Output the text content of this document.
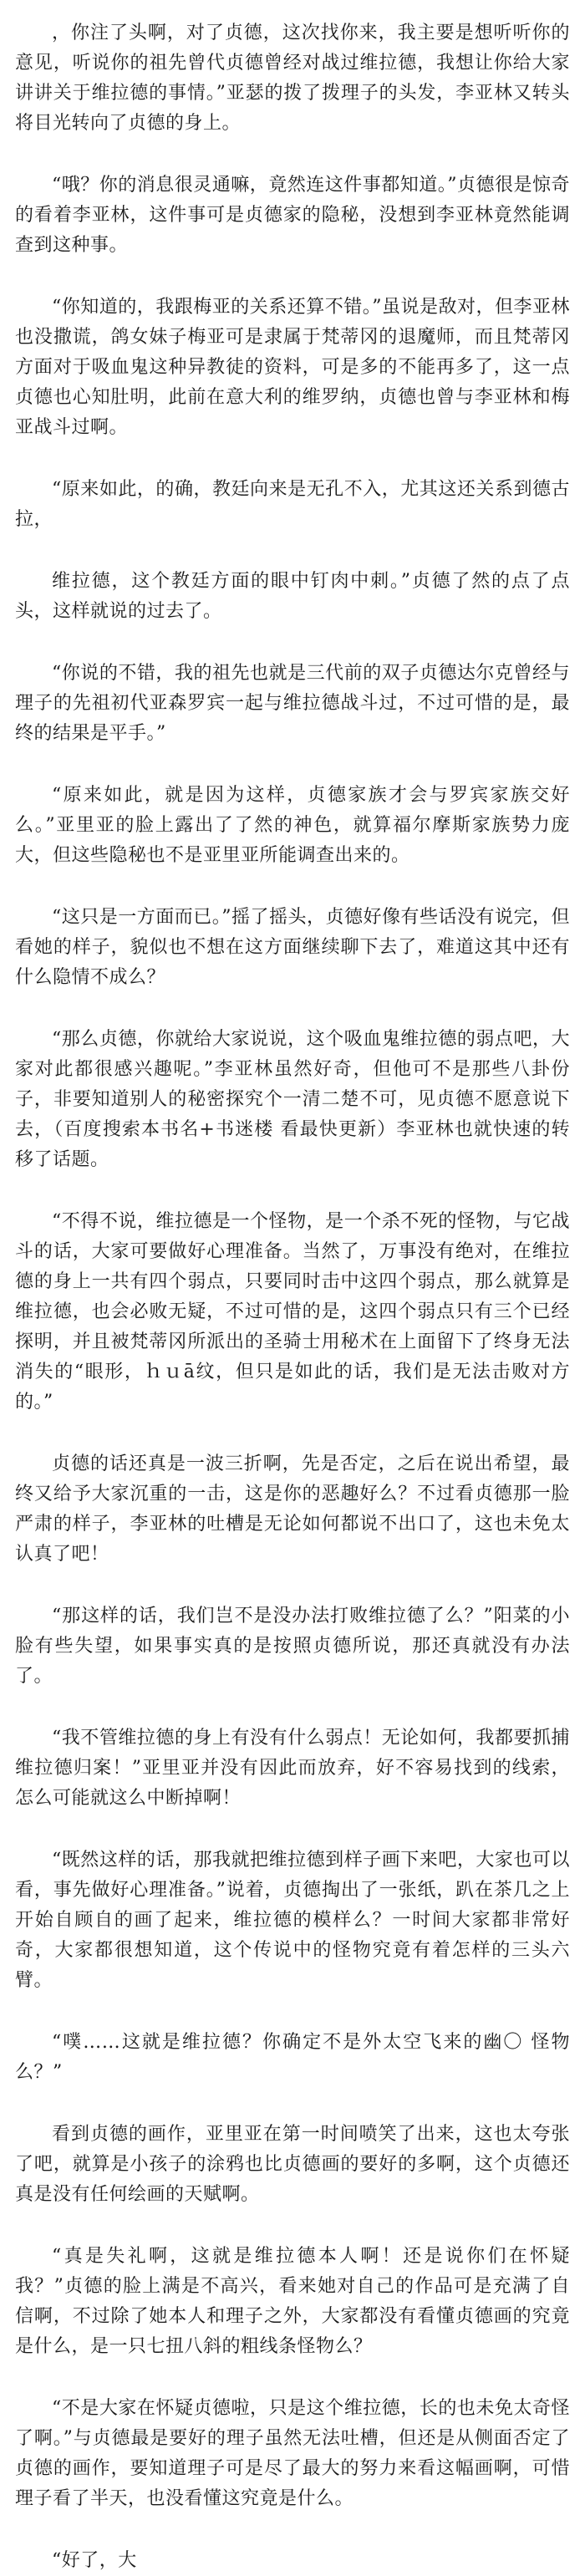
，你注了头啊，对了贞德，这次找你来，我主要是想听听你的意见，听说你的祖先曾代贞德曾经对战过维拉德，我想让你给大家讲讲关于维拉德的事情。”亚瑟的拨了拨理子的头发，李亚林又转头将目光转向了贞德的身上。

“哦？你的消息很灵通嘛，竟然连这件事都知道。”贞德很是惊奇的看着李亚林，这件事可是贞德家的隐秘，没想到李亚林竟然能调查到这种事。

“你知道的，我跟梅亚的关系还算不错。”虽说是敌对，但李亚林也没撒谎，鸽女妹子梅亚可是隶属于梵蒂冈的退魔师，而且梵蒂冈方面对于吸血鬼这种异教徒的资料，可是多的不能再多了，这一点贞德也心知肚明，此前在意大利的维罗纳，贞德也曾与李亚林和梅亚战斗过啊。

“原来如此，的确，教廷向来是无孔不入，尤其这还关系到德古拉，

维拉德，这个教廷方面的眼中钉肉中刺。”贞德了然的点了点头，这样就说的过去了。

“你说的不错，我的祖先也就是三代前的双子贞德达尔克曾经与理子的先祖初代亚森罗宾一起与维拉德战斗过，不过可惜的是，最终的结果是平手。”

“原来如此，就是因为这样，贞德家族才会与罗宾家族交好么。”亚里亚的脸上露出了了然的神色，就算福尔摩斯家族势力庞大，但这些隐秘也不是亚里亚所能调查出来的。

“这只是一方面而已。”摇了摇头，贞德好像有些话没有说完，但看她的样子，貌似也不想在这方面继续聊下去了，难道这其中还有什么隐情不成么？

“那么贞德，你就给大家说说，这个吸血鬼维拉德的弱点吧，大家对此都很感兴趣呢。”李亚林虽然好奇，但他可不是那些八卦份子，非要知道别人的秘密探究个一清二楚不可，见贞德不愿意说下去，（百度搜索本书名+书迷楼 看最快更新）李亚林也就快速的转移了话题。

“不得不说，维拉德是一个怪物，是一个杀不死的怪物，与它战斗的话，大家可要做好心理准备。当然了，万事没有绝对，在维拉德的身上一共有四个弱点，只要同时击中这四个弱点，那么就算是维拉德，也会必败无疑，不过可惜的是，这四个弱点只有三个已经探明，并且被梵蒂冈所派出的圣骑士用秘术在上面留下了终身无法消失的“眼形，ｈｕā纹，但只是如此的话，我们是无法击败对方的。”

贞德的话还真是一波三折啊，先是否定，之后在说出希望，最终又给予大家沉重的一击，这是你的恶趣好么？不过看贞德那一脸严肃的样子，李亚林的吐槽是无论如何都说不出口了，这也未免太认真了吧！

“那这样的话，我们岂不是没办法打败维拉德了么？”阳菜的小脸有些失望，如果事实真的是按照贞德所说，那还真就没有办法了。

“我不管维拉德的身上有没有什么弱点！无论如何，我都要抓捕维拉德归案！”亚里亚并没有因此而放弃，好不容易找到的线索，怎么可能就这么中断掉啊！

“既然这样的话，那我就把维拉德到样子画下来吧，大家也可以看，事先做好心理准备。”说着，贞德掏出了一张纸，趴在茶几之上开始自顾自的画了起来，维拉德的模样么？一时间大家都非常好奇，大家都很想知道，这个传说中的怪物究竟有着怎样的三头六臂。

“噗……这就是维拉德？你确定不是外太空飞来的幽〇 怪物么？”

看到贞德的画作，亚里亚在第一时间喷笑了出来，这也太夸张了吧，就算是小孩子的涂鸦也比贞德画的要好的多啊，这个贞德还真是没有任何绘画的天赋啊。

“真是失礼啊，这就是维拉德本人啊！还是说你们在怀疑我？”贞德的脸上满是不高兴，看来她对自己的作品可是充满了自信啊，不过除了她本人和理子之外，大家都没有看懂贞德画的究竟是什么，是一只七扭八斜的粗线条怪物么？

“不是大家在怀疑贞德啦，只是这个维拉德，长的也未免太奇怪了啊。”与贞德最是要好的理子虽然无法吐槽，但还是从侧面否定了贞德的画作，要知道理子可是尽了最大的努力来看这幅画啊，可惜理子看了半天，也没看懂这究竟是什么。

“好了，大
